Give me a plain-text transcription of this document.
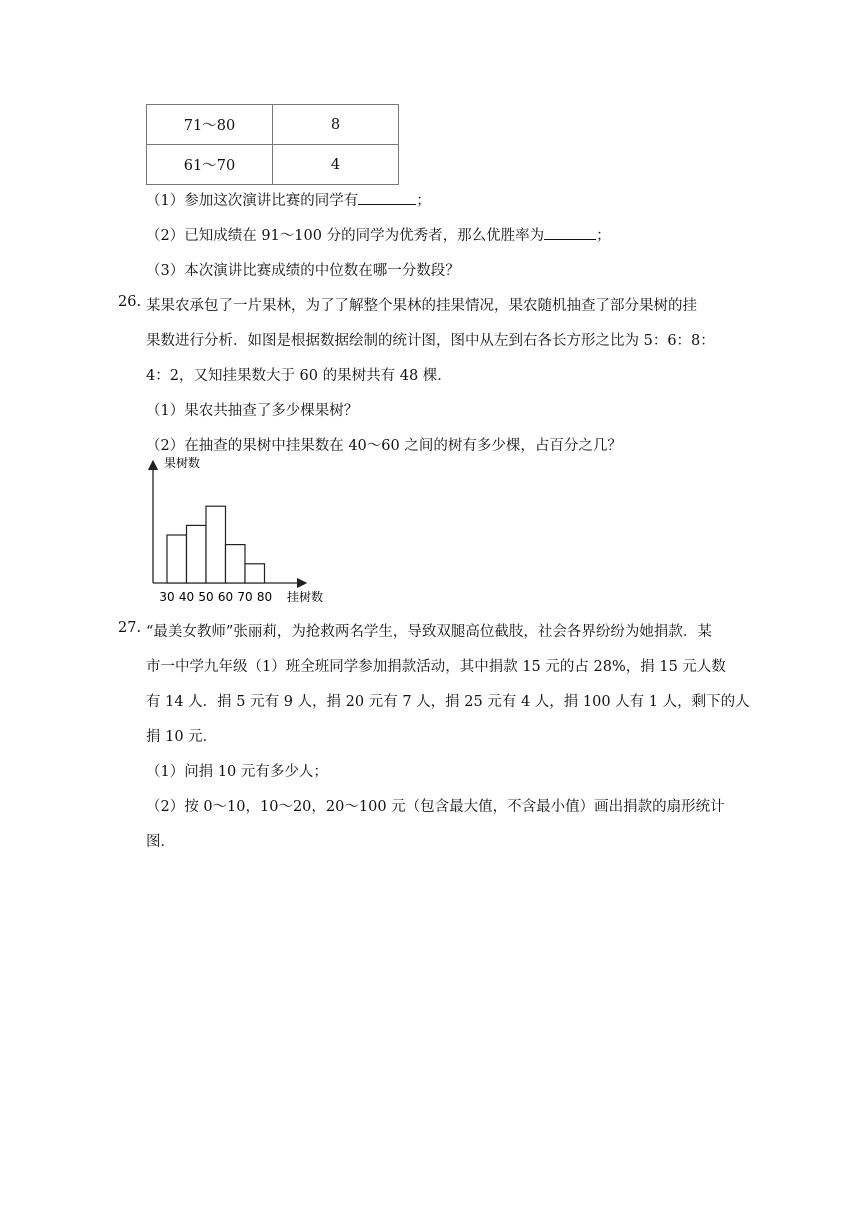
71～80	8
61～70	4
（1）参加这次演讲比赛的同学有	；
（2）已知成绩在 91～100 分的同学为优秀者，那么优胜率为	；
（3）本次演讲比赛成绩的中位数在哪一分数段？
26. 某果农承包了一片果林，为了了解整个果林的挂果情况，果农随机抽查了部分果树的挂
果数进行分析．如图是根据数据绘制的统计图，图中从左到右各长方形之比为 5：6：8：
4：2，又知挂果数大于 60 的果树共有 48 棵．
（1）果农共抽查了多少棵果树？
（2）在抽查的果树中挂果数在 40～60 之间的树有多少棵，占百分之几？
果树数
挂树数
30 40 50 60 70 80
27. “最美女教师”张丽莉，为抢救两名学生，导致双腿高位截肢，社会各界纷纷为她捐款．某
市一中学九年级（1）班全班同学参加捐款活动，其中捐款 15 元的占 28%，捐 15 元人数
有 14 人．捐 5 元有 9 人，捐 20 元有 7 人，捐 25 元有 4 人，捐 100 人有 1 人，剩下的人
捐 10 元．
（1）问捐 10 元有多少人；
（2）按 0～10，10～20，20～100 元（包含最大值，不含最小值）画出捐款的扇形统计
图．
